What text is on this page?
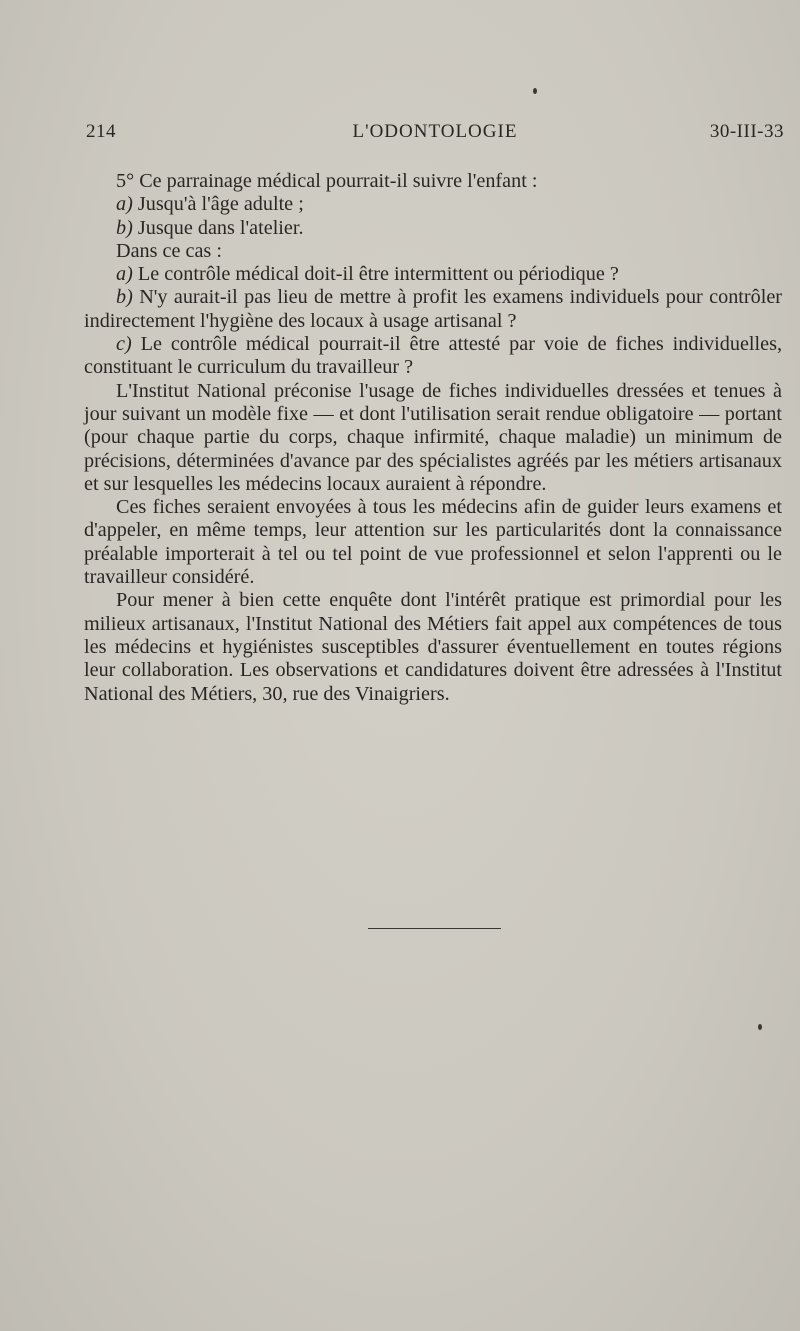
214	L'ODONTOLOGIE	30-III-33

5° Ce parrainage médical pourrait-il suivre l'enfant :

a) Jusqu'à l'âge adulte ;

b) Jusque dans l'atelier.

Dans ce cas :

a) Le contrôle médical doit-il être intermittent ou périodique ?

b) N'y aurait-il pas lieu de mettre à profit les examens individuels pour contrôler indirectement l'hygiène des locaux à usage artisanal ?

c) Le contrôle médical pourrait-il être attesté par voie de fiches individuelles, constituant le curriculum du travailleur ?

L'Institut National préconise l'usage de fiches individuelles dressées et tenues à jour suivant un modèle fixe — et dont l'utilisation serait rendue obligatoire — portant (pour chaque partie du corps, chaque infirmité, chaque maladie) un minimum de précisions, déterminées d'avance par des spécialistes agréés par les métiers artisanaux et sur lesquelles les médecins locaux auraient à répondre.

Ces fiches seraient envoyées à tous les médecins afin de guider leurs examens et d'appeler, en même temps, leur attention sur les particularités dont la connaissance préalable importerait à tel ou tel point de vue professionnel et selon l'apprenti ou le travailleur considéré.

Pour mener à bien cette enquête dont l'intérêt pratique est primordial pour les milieux artisanaux, l'Institut National des Métiers fait appel aux compétences de tous les médecins et hygiénistes susceptibles d'assurer éventuellement en toutes régions leur collaboration. Les observations et candidatures doivent être adressées à l'Institut National des Métiers, 30, rue des Vinaigriers.
